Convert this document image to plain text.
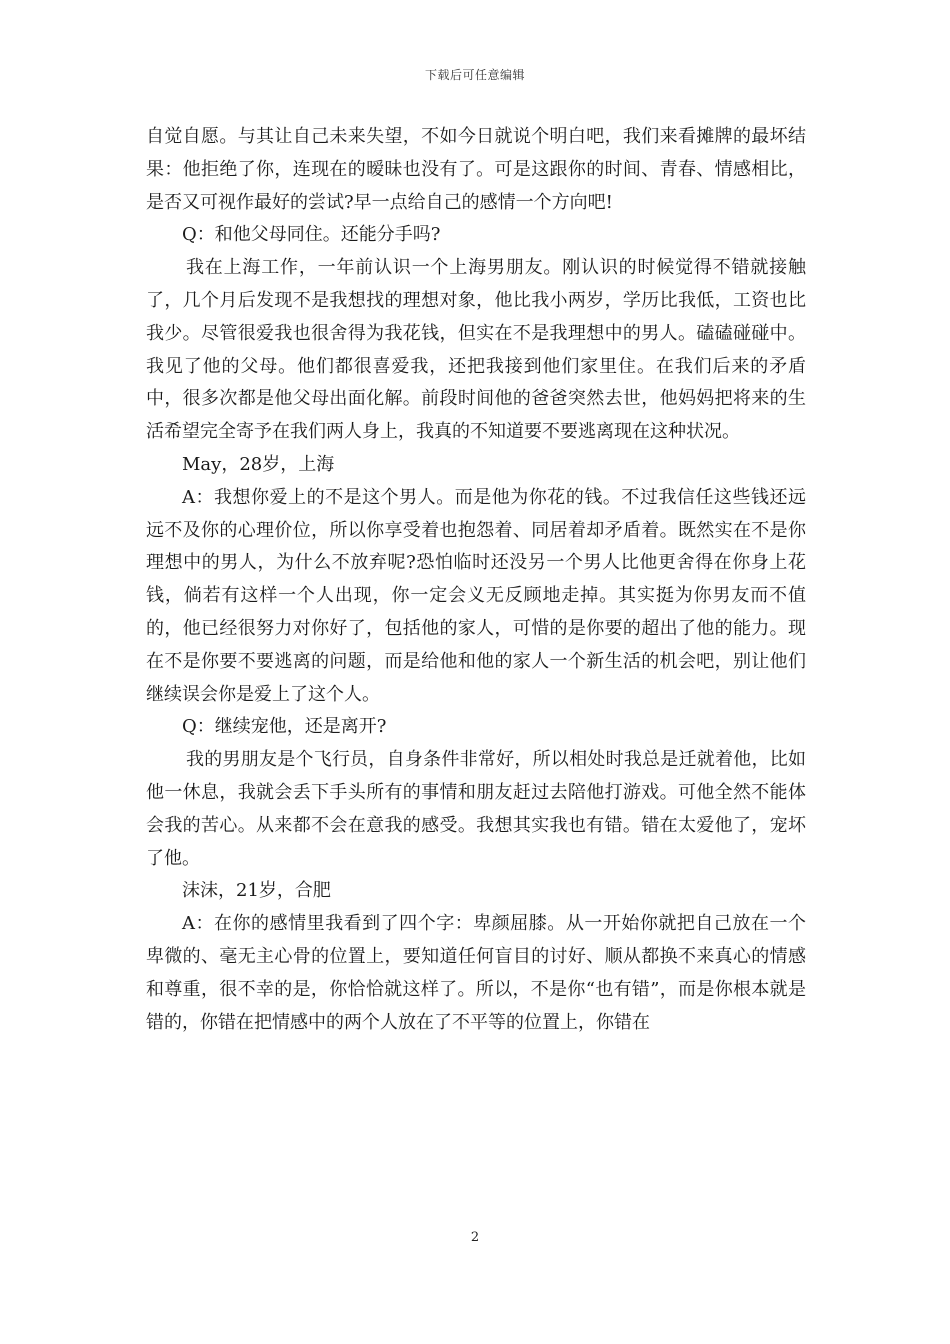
下载后可任意编辑

自觉自愿。与其让自己未来失望，不如今日就说个明白吧，我们来看摊牌的最坏结果：他拒绝了你，连现在的暧昧也没有了。可是这跟你的时间、青春、情感相比，是否又可视作最好的尝试?早一点给自己的感情一个方向吧!

Q：和他父母同住。还能分手吗?

我在上海工作，一年前认识一个上海男朋友。刚认识的时候觉得不错就接触了，几个月后发现不是我想找的理想对象，他比我小两岁，学历比我低，工资也比我少。尽管很爱我也很舍得为我花钱，但实在不是我理想中的男人。磕磕碰碰中。我见了他的父母。他们都很喜爱我，还把我接到他们家里住。在我们后来的矛盾中，很多次都是他父母出面化解。前段时间他的爸爸突然去世，他妈妈把将来的生活希望完全寄予在我们两人身上，我真的不知道要不要逃离现在这种状况。

May，28岁，上海

A：我想你爱上的不是这个男人。而是他为你花的钱。不过我信任这些钱还远远不及你的心理价位，所以你享受着也抱怨着、同居着却矛盾着。既然实在不是你理想中的男人，为什么不放弃呢?恐怕临时还没另一个男人比他更舍得在你身上花钱，倘若有这样一个人出现，你一定会义无反顾地走掉。其实挺为你男友而不值的，他已经很努力对你好了，包括他的家人，可惜的是你要的超出了他的能力。现在不是你要不要逃离的问题，而是给他和他的家人一个新生活的机会吧，别让他们继续误会你是爱上了这个人。

Q：继续宠他，还是离开?

我的男朋友是个飞行员，自身条件非常好，所以相处时我总是迁就着他，比如他一休息，我就会丢下手头所有的事情和朋友赶过去陪他打游戏。可他全然不能体会我的苦心。从来都不会在意我的感受。我想其实我也有错。错在太爱他了，宠坏了他。

沫沫，21岁，合肥

A：在你的感情里我看到了四个字：卑颜屈膝。从一开始你就把自己放在一个卑微的、毫无主心骨的位置上，要知道任何盲目的讨好、顺从都换不来真心的情感和尊重，很不幸的是，你恰恰就这样了。所以，不是你“也有错”，而是你根本就是错的，你错在把情感中的两个人放在了不平等的位置上，你错在

2
